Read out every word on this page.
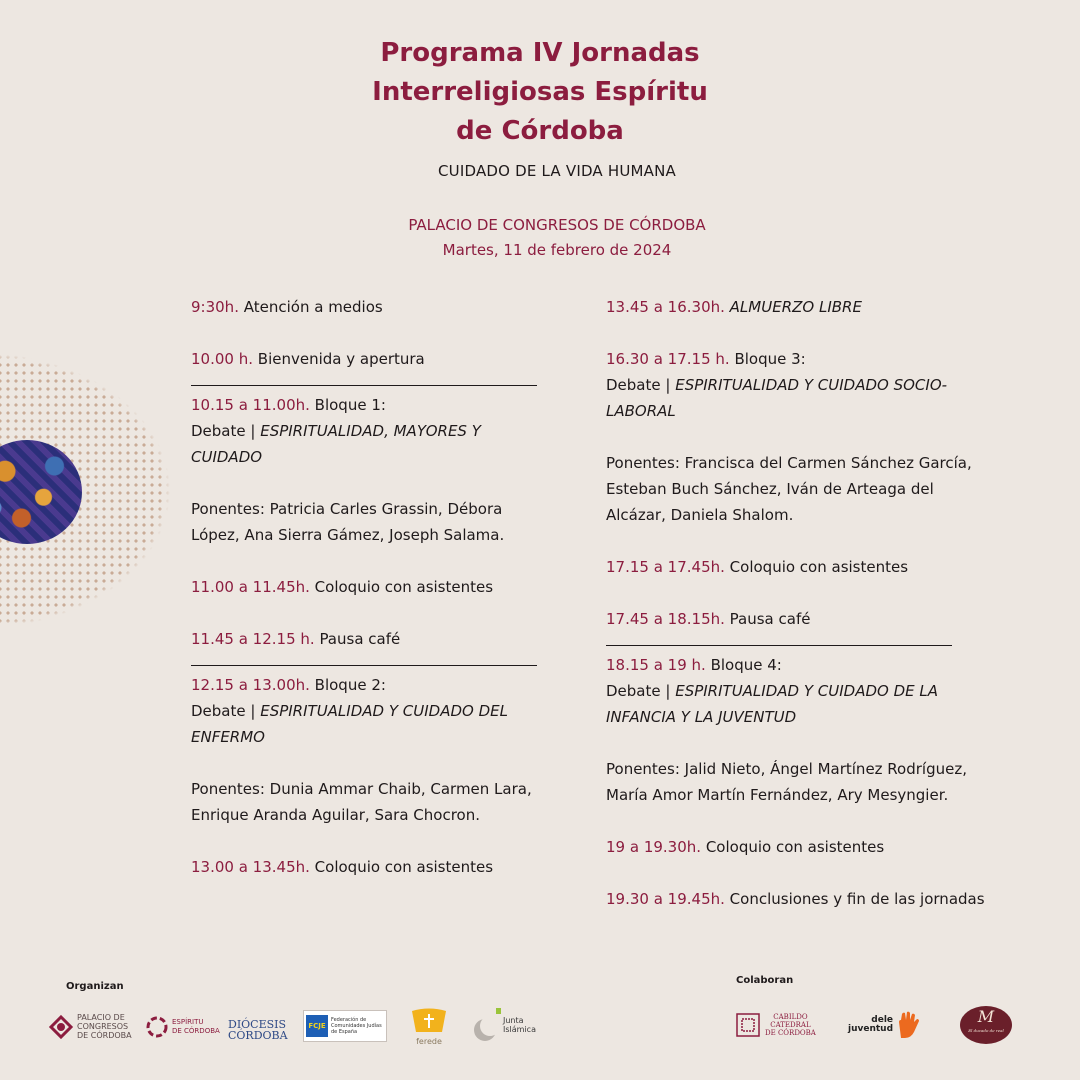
Programa IV Jornadas
Interreligiosas Espíritu
de Córdoba
CUIDADO DE LA VIDA HUMANA
PALACIO DE CONGRESOS DE CÓRDOBA
Martes, 11 de febrero de 2024
9:30h. Atención a medios
10.00 h. Bienvenida y apertura
10.15 a 11.00h. Bloque 1:
Debate | ESPIRITUALIDAD, MAYORES Y
CUIDADO
Ponentes: Patricia Carles Grassin, Débora
López, Ana Sierra Gámez, Joseph Salama.
11.00 a 11.45h. Coloquio con asistentes
11.45 a 12.15 h. Pausa café
12.15 a 13.00h. Bloque 2:
Debate | ESPIRITUALIDAD Y CUIDADO DEL
ENFERMO
Ponentes: Dunia Ammar Chaib, Carmen Lara,
Enrique Aranda Aguilar, Sara Chocron.
13.00 a 13.45h. Coloquio con asistentes
13.45 a 16.30h. ALMUERZO LIBRE
16.30 a 17.15 h. Bloque 3:
Debate | ESPIRITUALIDAD Y CUIDADO SOCIO-
LABORAL
Ponentes: Francisca del Carmen Sánchez García,
Esteban Buch Sánchez, Iván de Arteaga del
Alcázar, Daniela Shalom.
17.15 a 17.45h. Coloquio con asistentes
17.45 a 18.15h. Pausa café
18.15 a 19 h. Bloque 4:
Debate | ESPIRITUALIDAD Y CUIDADO DE LA
INFANCIA Y LA JUVENTUD
Ponentes: Jalid Nieto, Ángel Martínez Rodríguez,
María Amor Martín Fernández, Ary Mesyngier.
19 a 19.30h. Coloquio con asistentes
19.30 a 19.45h. Conclusiones y fin de las jornadas
Organizan
Colaboran
PALACIO DE
CONGRESOS
DE CÓRDOBA
ESPÍRITU
DE CÓRDOBA DIÓCESIS
CÓRDOBA
FCJE
Federación de
Comunidades Judías
de España
ferede
Junta
Islámica
CABILDO
CATEDRAL
DE CÓRDOBA
dele
juventud
M
El ducado de real
